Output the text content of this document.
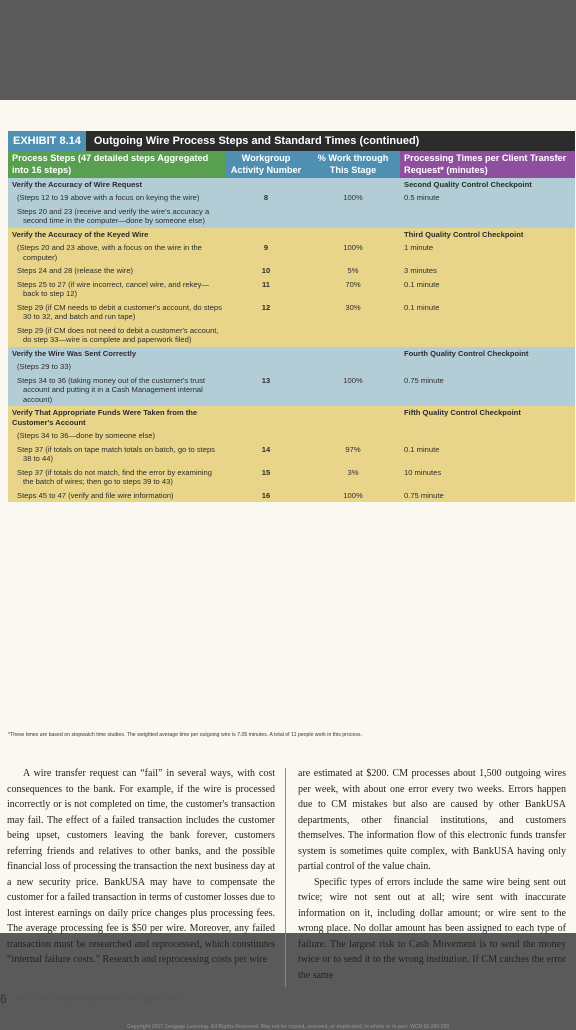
EXHIBIT 8.14	Outgoing Wire Process Steps and Standard Times (continued)
Process Steps (47 detailed steps Aggregated into 16 steps)	Workgroup Activity Number	% Work through This Stage	Processing Times per Client Transfer Request* (minutes)
Verify the Accuracy of Wire Request			Second Quality Control Checkpoint

(Steps 12 to 19 above with a focus on keying the wire)	8	100%	0.5 minute

Steps 20 and 23 (receive and verify the wire's accuracy a second time in the computer—done by someone else)			

Verify the Accuracy of the Keyed Wire			Third Quality Control Checkpoint

(Steps 20 and 23 above, with a focus on the wire in the computer)	9	100%	1 minute

Steps 24 and 28 (release the wire)	10	5%	3 minutes

Steps 25 to 27 (if wire incorrect, cancel wire, and rekey—back to step 12)	11	70%	0.1 minute

Step 29 (if CM needs to debit a customer's account, do steps 30 to 32, and batch and run tape)	12	30%	0.1 minute

Step 29 (if CM does not need to debit a customer's account, do step 33—wire is complete and paperwork filed)			

Verify the Wire Was Sent Correctly			Fourth Quality Control Checkpoint

(Steps 29 to 33)			

Steps 34 to 36 (taking money out of the customer's trust account and putting it in a Cash Management internal account)	13	100%	0.75 minute
Verify That Appropriate Funds Were Taken from the Customer's Account			Fifth Quality Control Checkpoint

(Steps 34 to 36—done by someone else)			

Step 37 (if totals on tape match totals on batch, go to steps 38 to 44)	14	97%	0.1 minute

Step 37 (if totals do not match, find the error by examining the batch of wires; then go to steps 39 to 43)	15	3%	10 minutes

Steps 45 to 47 (verify and file wire information)	16	100%	0.75 minute
*These times are based on stopwatch time studies. The weighted average time per outgoing wire is 7.05 minutes. A total of 11 people work in this process.

A wire transfer request can “fail” in several ways, with cost consequences to the bank. For example, if the wire is processed incorrectly or is not completed on time, the customer's transaction may fail. The effect of a failed transaction includes the customer being upset, customers leaving the bank forever, customers referring friends and relatives to other banks, and the possible financial loss of processing the transaction the next business day at a new security price. BankUSA may have to compensate the customer for a failed transaction in terms of customer losses due to lost interest earnings on daily price changes plus processing fees. The average processing fee is $50 per wire. Moreover, any failed transaction must be researched and reprocessed, which constitutes “internal failure costs.” Research and reprocessing costs per wire

are estimated at $200. CM processes about 1,500 outgoing wires per week, with about one error every two weeks. Errors happen due to CM mistakes but also are caused by other BankUSA departments, other financial institutions, and customers themselves. The information flow of this electronic funds transfer system is sometimes quite complex, with BankUSA having only partial control of the value chain.

Specific types of errors include the same wire being sent out twice; wire not sent out at all; wire sent with inaccurate information on it, including dollar amount; or wire sent to the wrong place. No dollar amount has been assigned to each type of failure. The largest risk to Cash Movement is to send the money twice or to send it to the wrong institution. If CM catches the error the same

6 PART TWO: Designing Operations and Supply Chains
Copyright 2017 Cengage Learning. All Rights Reserved. May not be copied, scanned, or duplicated, in whole or in part. WCN 02-200-203
